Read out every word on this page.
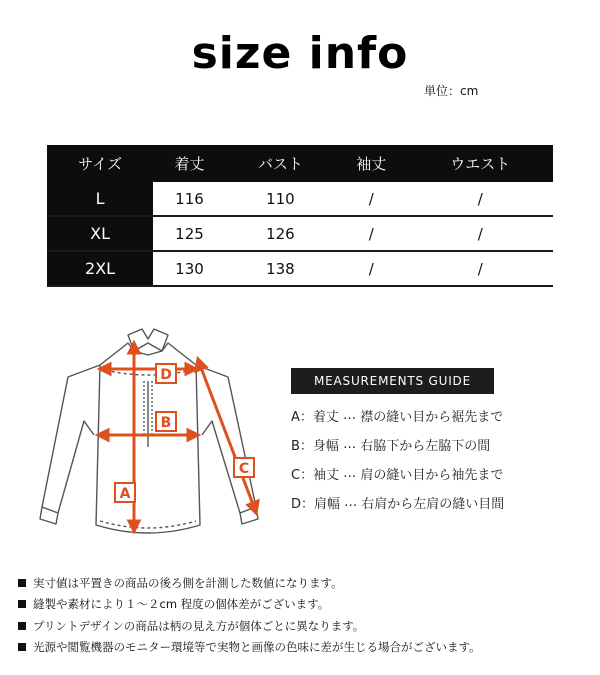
size info
単位：cm
サイズ	着丈	バスト	袖丈	ウエスト
L	116	110	/	/
XL	125	126	/	/
2XL	130	138	/	/
D
B
A
C
MEASUREMENTS GUIDE
A： 着丈 … 襟の縫い目から裾先まで
B： 身幅 … 右脇下から左脇下の間
C： 袖丈 … 肩の縫い目から袖先まで
D： 肩幅 … 右肩から左肩の縫い目間
実寸値は平置きの商品の後ろ側を計測した数値になります。
縫製や素材により１～２cm 程度の個体差がございます。
プリントデザインの商品は柄の見え方が個体ごとに異なります。
光源や閲覧機器のモニター環境等で実物と画像の色味に差が生じる場合がございます。
